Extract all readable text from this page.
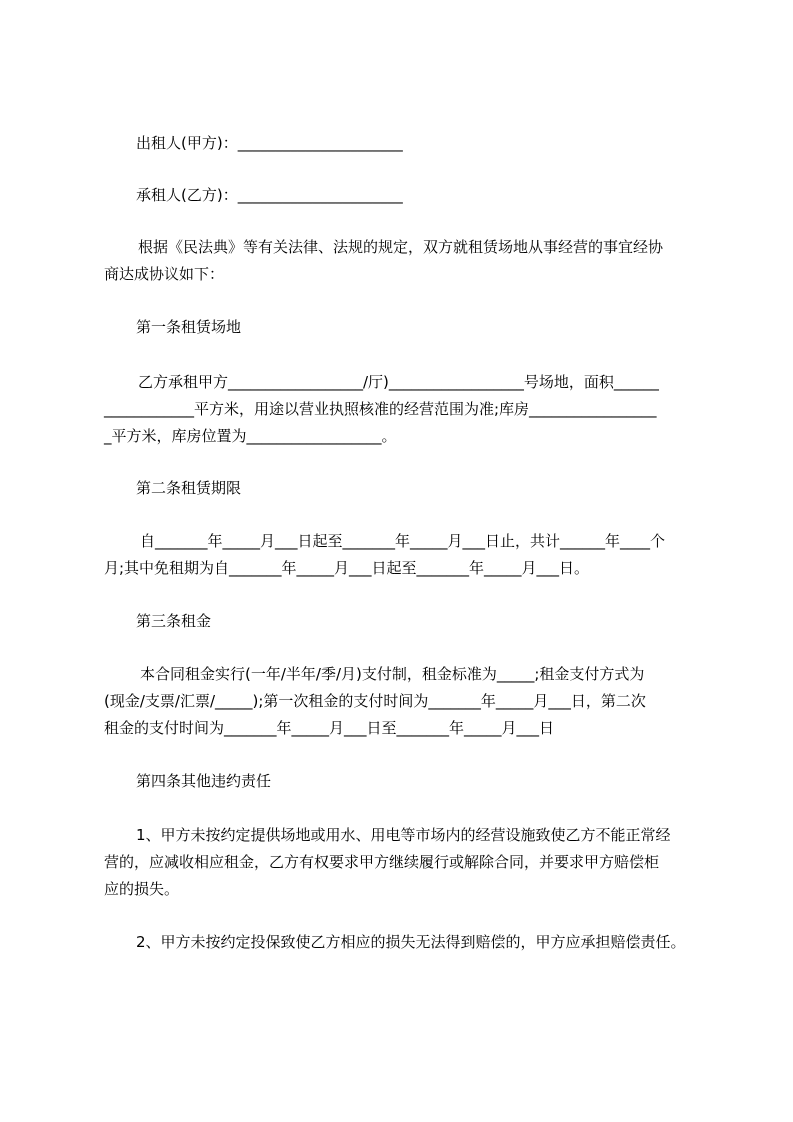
出租人(甲方)：______________________

承租人(乙方)：______________________

根据《民法典》等有关法律、法规的规定，双方就租赁场地从事经营的事宜经协

商达成协议如下：

第一条租赁场地

乙方承租甲方__________________/厅)__________________号场地，面积______

____________平方米，用途以营业执照核准的经营范围为准;库房_________________

_平方米，库房位置为__________________。

第二条租赁期限

自_______年_____月___日起至_______年_____月___日止，共计______年____个

月;其中免租期为自_______年_____月___日起至_______年_____月___日。

第三条租金

本合同租金实行(一年/半年/季/月)支付制，租金标准为_____;租金支付方式为

(现金/支票/汇票/_____);第一次租金的支付时间为_______年_____月___日，第二次

租金的支付时间为_______年_____月___日至_______年_____月___日

第四条其他违约责任

1、甲方未按约定提供场地或用水、用电等市场内的经营设施致使乙方不能正常经

营的，应减收相应租金，乙方有权要求甲方继续履行或解除合同，并要求甲方赔偿柜

应的损失。

2、甲方未按约定投保致使乙方相应的损失无法得到赔偿的，甲方应承担赔偿责任。
